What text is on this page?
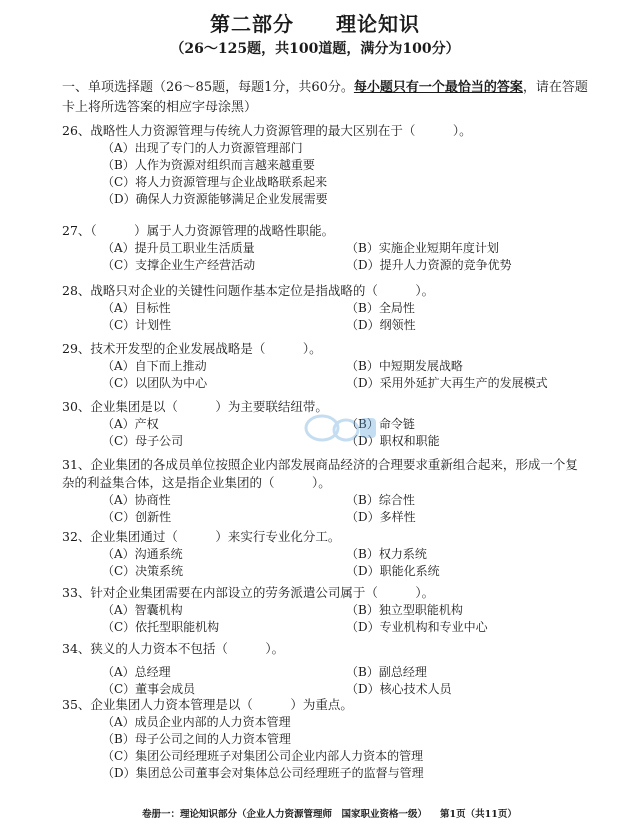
第二部分　　理论知识
（26～125题，共100道题，满分为100分）
一、单项选择题（26～85题，每题1分，共60分。每小题只有一个最恰当的答案，请在答题卡上将所选答案的相应字母涂黑）
26、战略性人力资源管理与传统人力资源管理的最大区别在于（　　　）。
（A）出现了专门的人力资源管理部门
（B）人作为资源对组织而言越来越重要
（C）将人力资源管理与企业战略联系起来
（D）确保人力资源能够满足企业发展需要
27、（　　　）属于人力资源管理的战略性职能。
（A）提升员工职业生活质量	（B）实施企业短期年度计划
（C）支撑企业生产经营活动	（D）提升人力资源的竞争优势
28、战略只对企业的关键性问题作基本定位是指战略的（　　　）。
（A）目标性	（B）全局性
（C）计划性	（D）纲领性
29、技术开发型的企业发展战略是（　　　）。
（A）自下而上推动	（B）中短期发展战略
（C）以团队为中心	（D）采用外延扩大再生产的发展模式
30、企业集团是以（　　　）为主要联结纽带。
（A）产权	（B）命令链
（C）母子公司	（D）职权和职能
31、企业集团的各成员单位按照企业内部发展商品经济的合理要求重新组合起来，形成一个复杂的利益集合体，这是指企业集团的（　　　）。
（A）协商性	（B）综合性
（C）创新性	（D）多样性
32、企业集团通过（　　　）来实行专业化分工。
（A）沟通系统	（B）权力系统
（C）决策系统	（D）职能化系统
33、针对企业集团需要在内部设立的劳务派遣公司属于（　　　）。
（A）智囊机构	（B）独立型职能机构
（C）依托型职能机构	（D）专业机构和专业中心
34、狭义的人力资本不包括（　　　）。
（A）总经理	（B）副总经理
（C）董事会成员	（D）核心技术人员
35、企业集团人力资本管理是以（　　　）为重点。
（A）成员企业内部的人力资本管理
（B）母子公司之间的人力资本管理
（C）集团公司经理班子对集团公司企业内部人力资本的管理
（D）集团总公司董事会对集体总公司经理班子的监督与管理
卷册一：理论知识部分（企业人力资源管理师　国家职业资格一级） 第1页（共11页）
